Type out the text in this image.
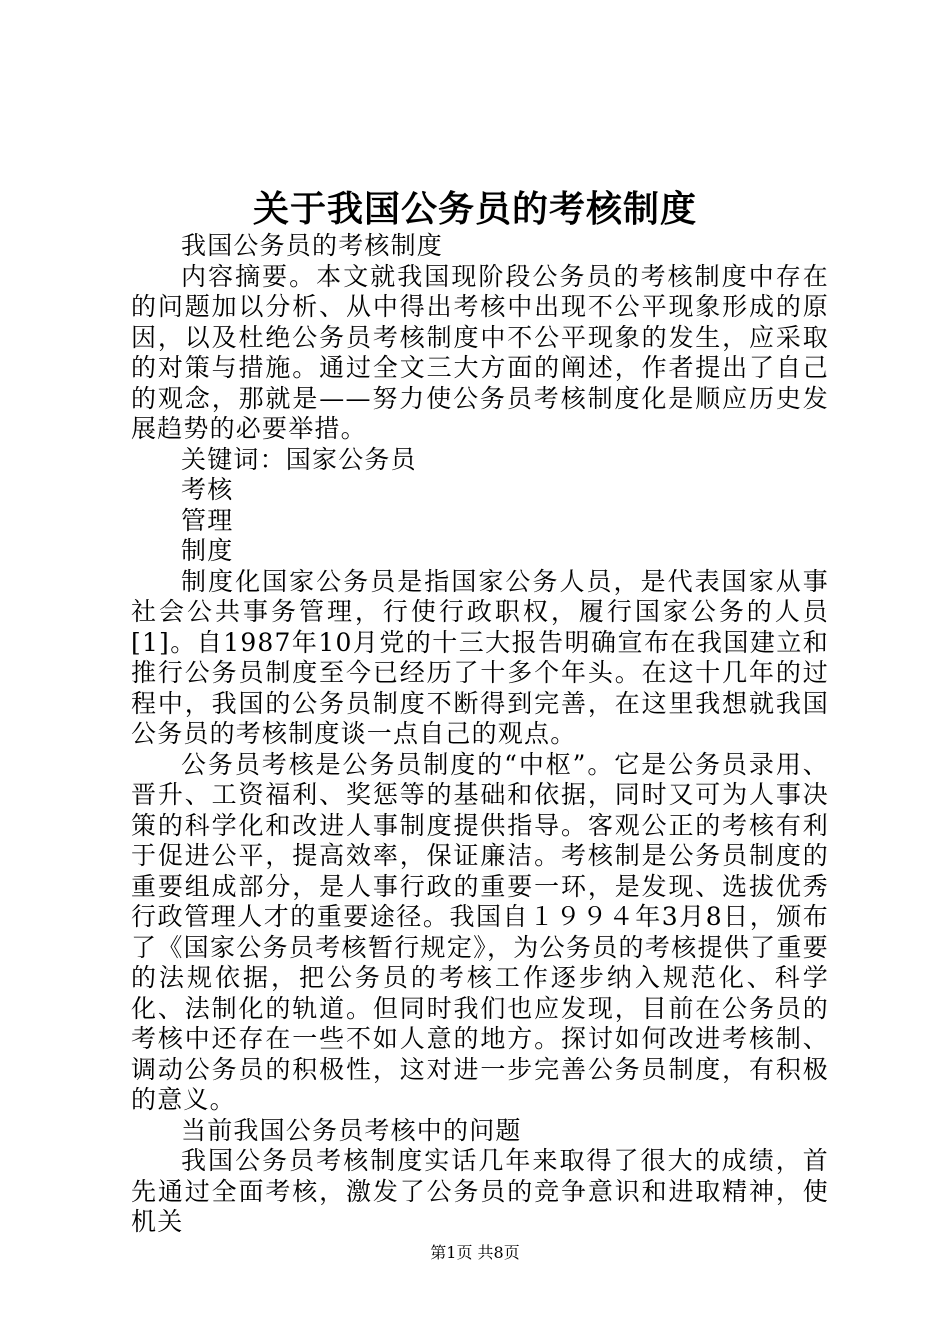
关于我国公务员的考核制度

我国公务员的考核制度

内容摘要。本文就我国现阶段公务员的考核制度中存在的问题加以分析、从中得出考核中出现不公平现象形成的原因，以及杜绝公务员考核制度中不公平现象的发生，应采取的对策与措施。通过全文三大方面的阐述，作者提出了自己的观念，那就是——努力使公务员考核制度化是顺应历史发展趋势的必要举措。

关键词：国家公务员

考核

管理

制度

制度化国家公务员是指国家公务人员，是代表国家从事社会公共事务管理，行使行政职权，履行国家公务的人员[1]。自1987年10月党的十三大报告明确宣布在我国建立和推行公务员制度至今已经历了十多个年头。在这十几年的过程中，我国的公务员制度不断得到完善，在这里我想就我国公务员的考核制度谈一点自己的观点。

公务员考核是公务员制度的“中枢”。它是公务员录用、晋升、工资福利、奖惩等的基础和依据，同时又可为人事决策的科学化和改进人事制度提供指导。客观公正的考核有利于促进公平，提高效率，保证廉洁。考核制是公务员制度的重要组成部分，是人事行政的重要一环，是发现、选拔优秀行政管理人才的重要途径。我国自１９９４年3月8日，颁布了《国家公务员考核暂行规定》，为公务员的考核提供了重要的法规依据，把公务员的考核工作逐步纳入规范化、科学化、法制化的轨道。但同时我们也应发现，目前在公务员的考核中还存在一些不如人意的地方。探讨如何改进考核制、调动公务员的积极性，这对进一步完善公务员制度，有积极的意义。

当前我国公务员考核中的问题

我国公务员考核制度实话几年来取得了很大的成绩，首先通过全面考核，激发了公务员的竞争意识和进取精神，使机关

第1页 共8页
